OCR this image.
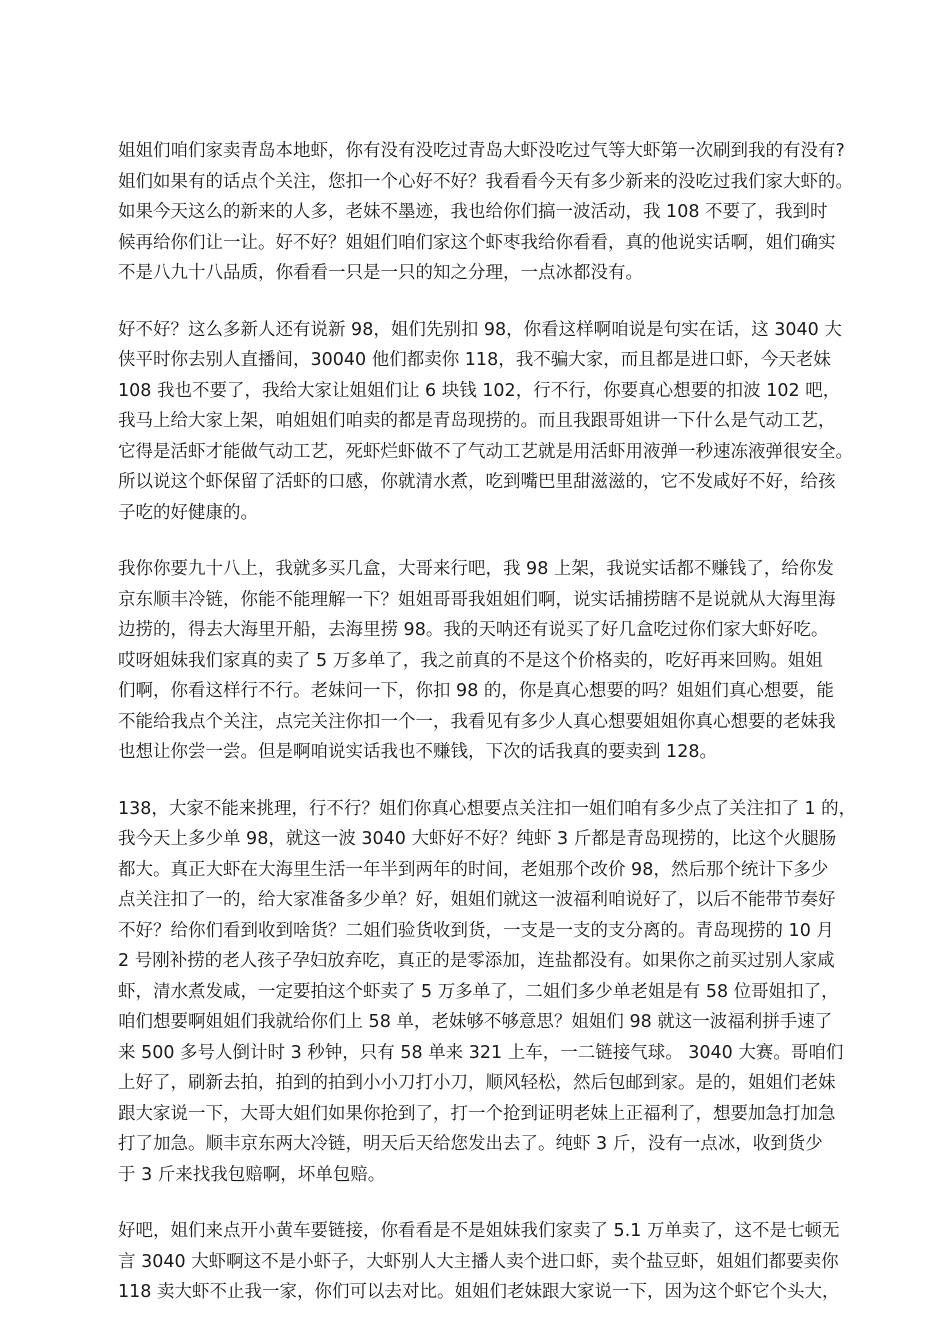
姐姐们咱们家卖青岛本地虾，你有没有没吃过青岛大虾没吃过气等大虾第一次刷到我的有没有?
姐们如果有的话点个关注，您扣一个心好不好？我看看今天有多少新来的没吃过我们家大虾的。
如果今天这么的新来的人多，老妹不墨迹，我也给你们搞一波活动，我 108 不要了，我到时
候再给你们让一让。好不好？姐姐们咱们家这个虾枣我给你看看，真的他说实话啊，姐们确实
不是八九十八品质，你看看一只是一只的知之分理，一点冰都没有。
好不好？这么多新人还有说新 98，姐们先别扣 98，你看这样啊咱说是句实在话，这 3040 大
侠平时你去别人直播间，30040 他们都卖你 118，我不骗大家，而且都是进口虾，今天老妹
108 我也不要了，我给大家让姐姐们让 6 块钱 102，行不行，你要真心想要的扣波 102 吧，
我马上给大家上架，咱姐姐们咱卖的都是青岛现捞的。而且我跟哥姐讲一下什么是气动工艺，
它得是活虾才能做气动工艺，死虾烂虾做不了气动工艺就是用活虾用液弹一秒速冻液弹很安全。
所以说这个虾保留了活虾的口感，你就清水煮，吃到嘴巴里甜滋滋的，它不发咸好不好，给孩
子吃的好健康的。
我你你要九十八上，我就多买几盒，大哥来行吧，我 98 上架，我说实话都不赚钱了，给你发
京东顺丰冷链，你能不能理解一下？姐姐哥哥我姐姐们啊，说实话捕捞瞎不是说就从大海里海
边捞的，得去大海里开船，去海里捞 98。我的天呐还有说买了好几盒吃过你们家大虾好吃。
哎呀姐妹我们家真的卖了 5 万多单了，我之前真的不是这个价格卖的，吃好再来回购。姐姐
们啊，你看这样行不行。老妹问一下，你扣 98 的，你是真心想要的吗？姐姐们真心想要，能
不能给我点个关注，点完关注你扣一个一，我看见有多少人真心想要姐姐你真心想要的老妹我
也想让你尝一尝。但是啊咱说实话我也不赚钱，下次的话我真的要卖到 128。
138，大家不能来挑理，行不行？姐们你真心想要点关注扣一姐们咱有多少点了关注扣了 1 的，
我今天上多少单 98，就这一波 3040 大虾好不好？纯虾 3 斤都是青岛现捞的，比这个火腿肠
都大。真正大虾在大海里生活一年半到两年的时间，老姐那个改价 98，然后那个统计下多少
点关注扣了一的，给大家准备多少单？好，姐姐们就这一波福利咱说好了，以后不能带节奏好
不好？给你们看到收到啥货？二姐们验货收到货，一支是一支的支分离的。青岛现捞的 10 月
2 号刚补捞的老人孩子孕妇放弃吃，真正的是零添加，连盐都没有。如果你之前买过别人家咸
虾，清水煮发咸，一定要拍这个虾卖了 5 万多单了，二姐们多少单老姐是有 58 位哥姐扣了，
咱们想要啊姐姐们我就给你们上 58 单，老妹够不够意思？姐姐们 98 就这一波福利拼手速了
来 500 多号人倒计时 3 秒钟，只有 58 单来 321 上车，一二链接气球。 3040 大赛。哥咱们
上好了，刷新去拍，拍到的拍到小小刀打小刀，顺风轻松，然后包邮到家。是的，姐姐们老妹
跟大家说一下，大哥大姐们如果你抢到了，打一个抢到证明老妹上正福利了，想要加急打加急
打了加急。顺丰京东两大冷链，明天后天给您发出去了。纯虾 3 斤，没有一点冰，收到货少
于 3 斤来找我包赔啊，坏单包赔。
好吧，姐们来点开小黄车要链接，你看看是不是姐妹我们家卖了 5.1 万单卖了，这不是七顿无
言 3040 大虾啊这不是小虾子，大虾别人大主播人卖个进口虾，卖个盐豆虾，姐姐们都要卖你
118 卖大虾不止我一家，你们可以去对比。姐姐们老妹跟大家说一下，因为这个虾它个头大，
